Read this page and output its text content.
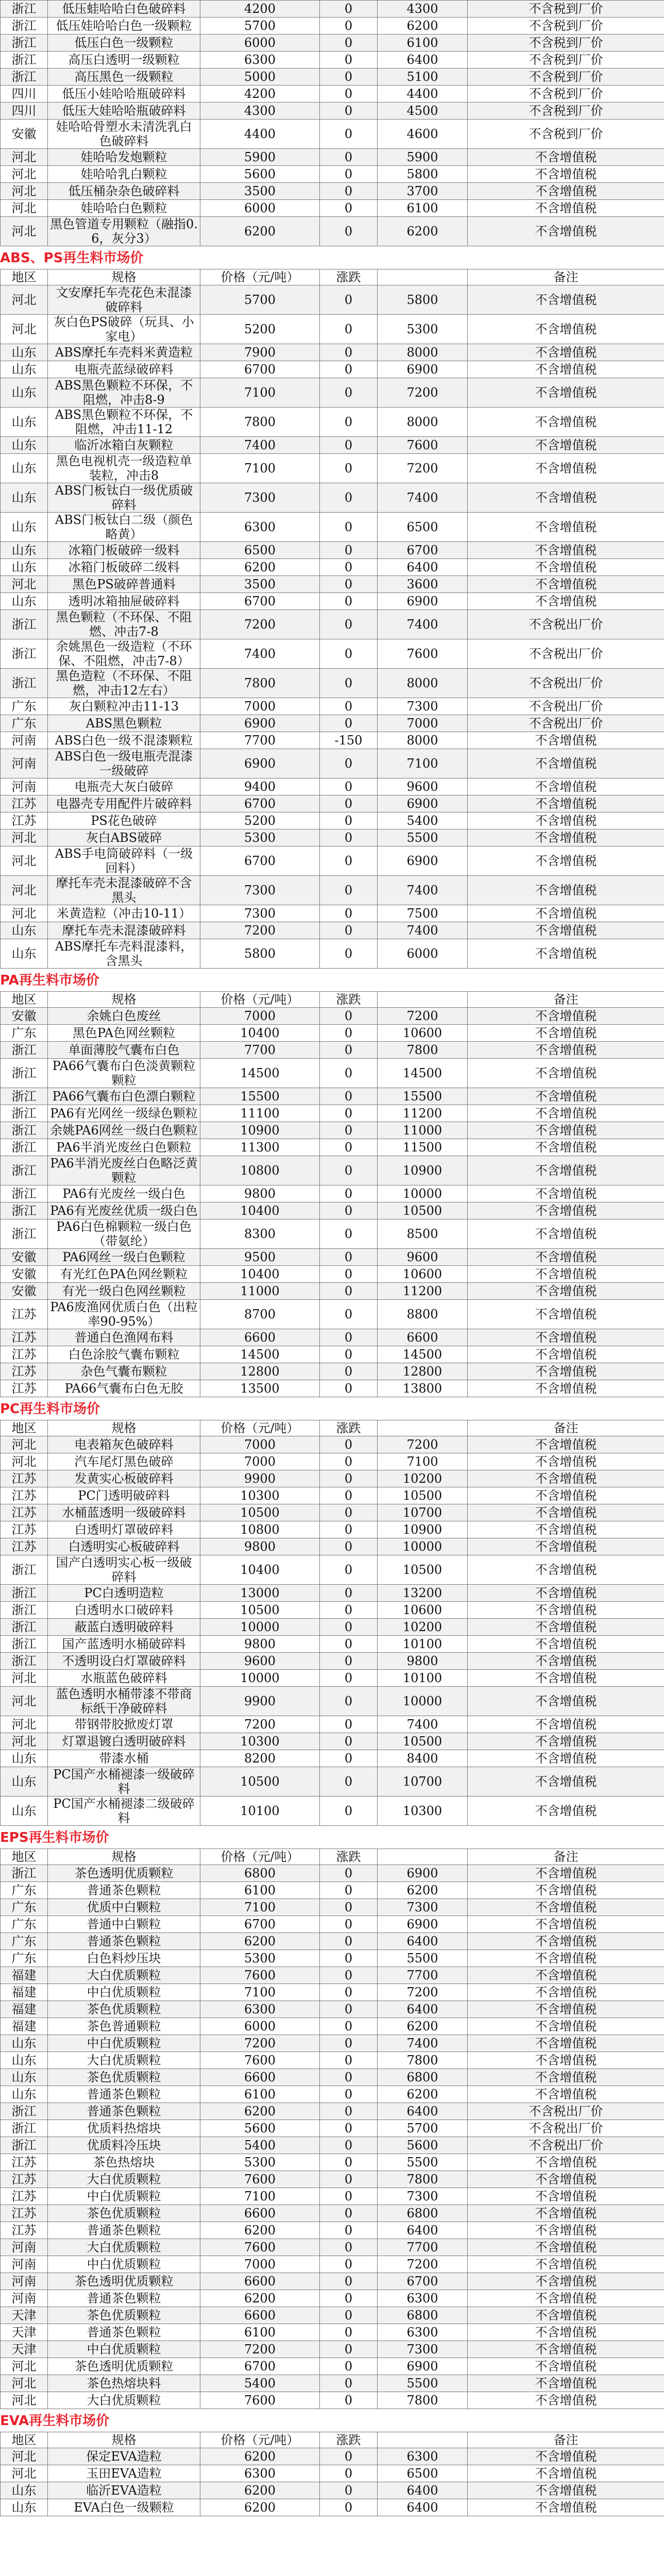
浙江	低压蛙哈哈白色破碎料	4200	0	4300	不含税到厂价
浙江	低压娃哈哈白色一级颗粒	5700	0	6200	不含税到厂价
浙江	低压白色一级颗粒	6000	0	6100	不含税到厂价
浙江	高压白透明一级颗粒	6300	0	6400	不含税到厂价
浙江	高压黑色一级颗粒	5000	0	5100	不含税到厂价
四川	低压小娃哈哈瓶破碎料	4200	0	4400	不含税到厂价
四川	低压大娃哈哈瓶破碎料	4300	0	4500	不含税到厂价
安徽	娃哈哈骨塑水未清洗乳白色破碎料	4400	0	4600	不含税到厂价
河北	娃哈哈发炮颗粒	5900	0	5900	不含增值税
河北	娃哈哈乳白颗粒	5600	0	5800	不含增值税
河北	低压桶杂杂色破碎料	3500	0	3700	不含增值税
河北	娃哈哈白色颗粒	6000	0	6100	不含增值税
河北	黑色管道专用颗粒（融指0.6，灰分3）	6200	0	6200	不含增值税
ABS、PS再生料市场价
地区	规格	价格（元/吨）	涨跌		备注
河北	文安摩托车壳花色未混漆破碎料	5700	0	5800	不含增值税
河北	灰白色PS破碎（玩具、小家电）	5200	0	5300	不含增值税
山东	ABS摩托车壳料米黄造粒	7900	0	8000	不含增值税
山东	电瓶壳蓝绿破碎料	6700	0	6900	不含增值税
山东	ABS黑色颗粒不环保，不阻燃，冲击8-9	7100	0	7200	不含增值税
山东	ABS黑色颗粒不环保，不阻燃，冲击11-12	7800	0	8000	不含增值税
山东	临沂冰箱白灰颗粒	7400	0	7600	不含增值税
山东	黑色电视机壳一级造粒单装粒，冲击8	7100	0	7200	不含增值税
山东	ABS门板钛白一级优质破碎料	7300	0	7400	不含增值税
山东	ABS门板钛白二级（颜色略黄）	6300	0	6500	不含增值税
山东	冰箱门板破碎一级料	6500	0	6700	不含增值税
山东	冰箱门板破碎二级料	6200	0	6400	不含增值税
河北	黑色PS破碎普通料	3500	0	3600	不含增值税
山东	透明冰箱抽屉破碎料	6700	0	6900	不含增值税
浙江	黑色颗粒（不环保、不阻燃、冲击7-8	7200	0	7400	不含税出厂价
浙江	余姚黑色一级造粒（不环保、不阻燃，冲击7-8）	7400	0	7600	不含税出厂价
浙江	黑色造粒（不环保、不阻燃，冲击12左右）	7800	0	8000	不含税出厂价
广东	灰白颗粒冲击11-13	7000	0	7300	不含税出厂价
广东	ABS黑色颗粒	6900	0	7000	不含税出厂价
河南	ABS白色一级不混漆颗粒	7700	-150	8000	不含增值税
河南	ABS白色一级电瓶壳混漆一级破碎	6900	0	7100	不含增值税
河南	电瓶壳大灰白破碎	9400	0	9600	不含增值税
江苏	电器壳专用配件片破碎料	6700	0	6900	不含增值税
江苏	PS花色破碎	5200	0	5400	不含增值税
河北	灰白ABS破碎	5300	0	5500	不含增值税
河北	ABS手电筒破碎料（一级回料）	6700	0	6900	不含增值税
河北	摩托车壳未混漆破碎不含黑头	7300	0	7400	不含增值税
河北	米黄造粒（冲击10-11）	7300	0	7500	不含增值税
山东	摩托车壳未混漆破碎料	7200	0	7400	不含增值税
山东	ABS摩托车壳料混漆料，含黑头	5800	0	6000	不含增值税
PA再生料市场价
地区	规格	价格（元/吨）	涨跌		备注
安徽	余姚白色废丝	7000	0	7200	不含增值税
广东	黑色PA色网丝颗粒	10400	0	10600	不含增值税
浙江	单面薄胶气囊布白色	7700	0	7800	不含增值税
浙江	PA66气囊布白色淡黄颗粒颗粒	14500	0	14500	不含增值税
浙江	PA66气囊布白色漂白颗粒	15500	0	15500	不含增值税
浙江	PA6有光网丝一级绿色颗粒	11100	0	11200	不含增值税
浙江	余姚PA6网丝一级白色颗粒	10900	0	11000	不含增值税
浙江	PA6半消光废丝白色颗粒	11300	0	11500	不含增值税
浙江	PA6半消光废丝白色略泛黄颗粒	10800	0	10900	不含增值税
浙江	PA6有光废丝一级白色	9800	0	10000	不含增值税
浙江	PA6有光废丝优质一级白色	10400	0	10500	不含增值税
浙江	PA6白色棉颗粒一级白色（带氨纶）	8300	0	8500	不含增值税
安徽	PA6网丝一级白色颗粒	9500	0	9600	不含增值税
安徽	有光红色PA色网丝颗粒	10400	0	10600	不含增值税
安徽	有光一级白色网丝颗粒	11000	0	11200	不含增值税
江苏	PA6废渔网优质白色（出粒率90-95%）	8700	0	8800	不含增值税
江苏	普通白色渔网布料	6600	0	6600	不含增值税
江苏	白色涂胶气囊布颗粒	14500	0	14500	不含增值税
江苏	杂色气囊布颗粒	12800	0	12800	不含增值税
江苏	PA66气囊布白色无胶	13500	0	13800	不含增值税
PC再生料市场价
地区	规格	价格（元/吨）	涨跌		备注
河北	电表箱灰色破碎料	7000	0	7200	不含增值税
河北	汽车尾灯黑色破碎	7000	0	7100	不含增值税
江苏	发黄实心板破碎料	9900	0	10200	不含增值税
江苏	PC门透明破碎料	10300	0	10500	不含增值税
江苏	水桶蓝透明一级破碎料	10500	0	10700	不含增值税
江苏	白透明灯罩破碎料	10800	0	10900	不含增值税
江苏	白透明实心板破碎料	9800	0	10000	不含增值税
浙江	国产白透明实心板一级破碎料	10400	0	10500	不含增值税
浙江	PC白透明造粒	13000	0	13200	不含增值税
浙江	白透明水口破碎料	10500	0	10600	不含增值税
浙江	蔽蓝白透明破碎料	10000	0	10200	不含增值税
浙江	国产蓝透明水桶破碎料	9800	0	10100	不含增值税
浙江	不透明设白灯罩破碎料	9600	0	9800	不含增值税
河北	水瓶蓝色破碎料	10000	0	10100	不含增值税
河北	蓝色透明水桶带漆不带商标纸干净破碎料	9900	0	10000	不含增值税
河北	带钢带胶掀废灯罩	7200	0	7400	不含增值税
河北	灯罩退镀白透明破碎料	10300	0	10500	不含增值税
山东	带漆水桶	8200	0	8400	不含增值税
山东	PC国产水桶褪漆一级破碎料	10500	0	10700	不含增值税
山东	PC国产水桶褪漆二级破碎料	10100	0	10300	不含增值税
EPS再生料市场价
地区	规格	价格（元/吨）	涨跌		备注
浙江	茶色透明优质颗粒	6800	0	6900	不含增值税
广东	普通茶色颗粒	6100	0	6200	不含增值税
广东	优质中白颗粒	7100	0	7300	不含增值税
广东	普通中白颗粒	6700	0	6900	不含增值税
广东	普通茶色颗粒	6200	0	6400	不含增值税
广东	白色料炒压块	5300	0	5500	不含增值税
福建	大白优质颗粒	7600	0	7700	不含增值税
福建	中白优质颗粒	7100	0	7200	不含增值税
福建	茶色优质颗粒	6300	0	6400	不含增值税
福建	茶色普通颗粒	6000	0	6200	不含增值税
山东	中白优质颗粒	7200	0	7400	不含增值税
山东	大白优质颗粒	7600	0	7800	不含增值税
山东	茶色优质颗粒	6600	0	6800	不含增值税
山东	普通茶色颗粒	6100	0	6200	不含增值税
浙江	普通茶色颗粒	6200	0	6400	不含税出厂价
浙江	优质料热熔块	5600	0	5700	不含税出厂价
浙江	优质料冷压块	5400	0	5600	不含税出厂价
江苏	茶色热熔块	5300	0	5500	不含增值税
江苏	大白优质颗粒	7600	0	7800	不含增值税
江苏	中白优质颗粒	7100	0	7300	不含增值税
江苏	茶色优质颗粒	6600	0	6800	不含增值税
江苏	普通茶色颗粒	6200	0	6400	不含增值税
河南	大白优质颗粒	7600	0	7700	不含增值税
河南	中白优质颗粒	7000	0	7200	不含增值税
河南	茶色透明优质颗粒	6600	0	6700	不含增值税
河南	普通茶色颗粒	6200	0	6300	不含增值税
天津	茶色优质颗粒	6600	0	6800	不含增值税
天津	普通茶色颗粒	6100	0	6300	不含增值税
天津	中白优质颗粒	7200	0	7300	不含增值税
河北	茶色透明优质颗粒	6700	0	6900	不含增值税
河北	茶色热熔块料	5400	0	5500	不含增值税
河北	大白优质颗粒	7600	0	7800	不含增值税
EVA再生料市场价
地区	规格	价格（元/吨）	涨跌		备注
河北	保定EVA造粒	6200	0	6300	不含增值税
河北	玉田EVA造粒	6300	0	6500	不含增值税
山东	临沂EVA造粒	6200	0	6400	不含增值税
山东	EVA白色一级颗粒	6200	0	6400	不含增值税
